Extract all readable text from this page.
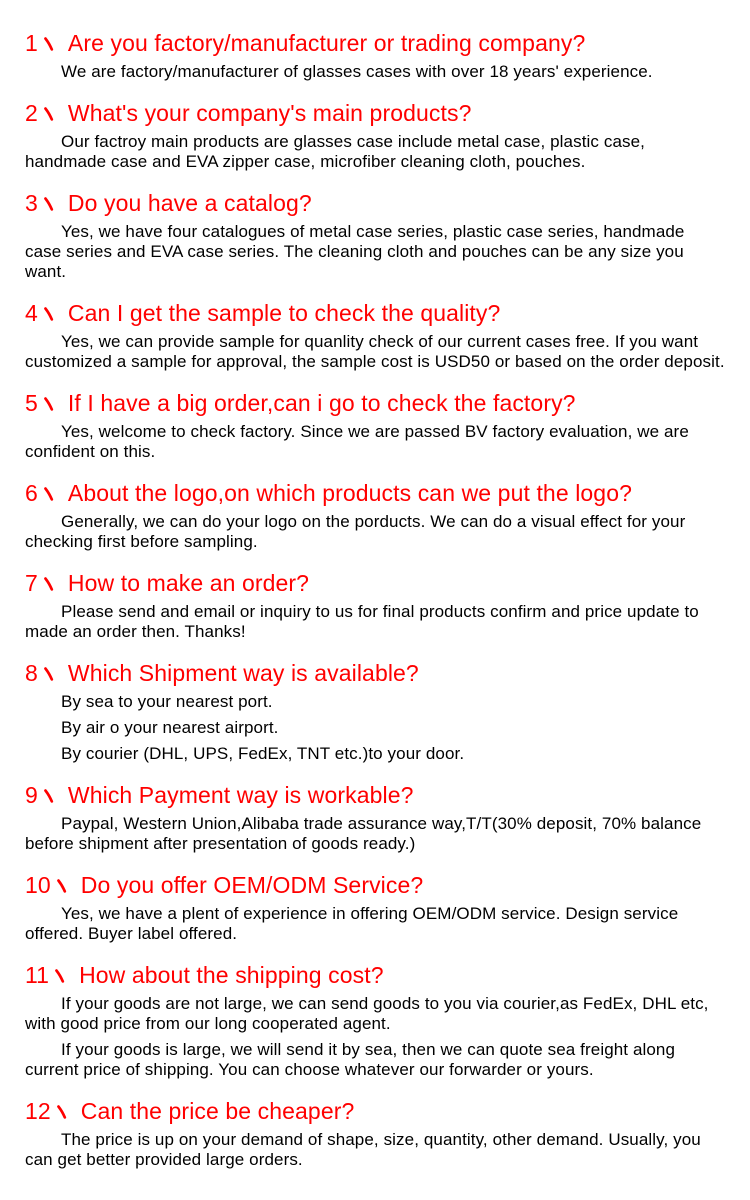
1 Are you factory/manufacturer or trading company?

We are factory/manufacturer of glasses cases with over 18 years' experience.

2 What's your company's main products?

Our factroy main products are glasses case include metal case, plastic case, handmade case and EVA zipper case, microfiber cleaning cloth, pouches.

3 Do you have a catalog?

Yes, we have four catalogues of metal case series, plastic case series, handmade case series and EVA case series. The cleaning cloth and pouches can be any size you want.

4 Can I get the sample to check the quality?

Yes, we can provide sample for quanlity check of our current cases free. If you want customized a sample for approval, the sample cost is USD50 or based on the order deposit.

5 If I have a big order,can i go to check the factory?

Yes, welcome to check factory. Since we are passed BV factory evaluation, we are confident on this.

6 About the logo,on which products can we put the logo?

Generally, we can do your logo on the porducts. We can do a visual effect for your checking first before sampling.

7 How to make an order?

Please send and email or inquiry to us for final products confirm and price update to made an order then. Thanks!

8 Which Shipment way is available?

By sea to your nearest port.

By air o your nearest airport.

By courier (DHL, UPS, FedEx, TNT etc.)to your door.

9 Which Payment way is workable?

Paypal, Western Union,Alibaba trade assurance way,T/T(30% deposit, 70% balance before shipment after presentation of goods ready.)

10 Do you offer OEM/ODM Service?

Yes, we have a plent of experience in offering OEM/ODM service. Design service offered. Buyer label offered.

11 How about the shipping cost?

If your goods are not large, we can send goods to you via courier,as FedEx, DHL etc, with good price from our long cooperated agent.

If your goods is large, we will send it by sea, then we can quote sea freight along current price of shipping. You can choose whatever our forwarder or yours.

12 Can the price be cheaper?

The price is up on your demand of shape, size, quantity, other demand. Usually, you can get better provided large orders.
